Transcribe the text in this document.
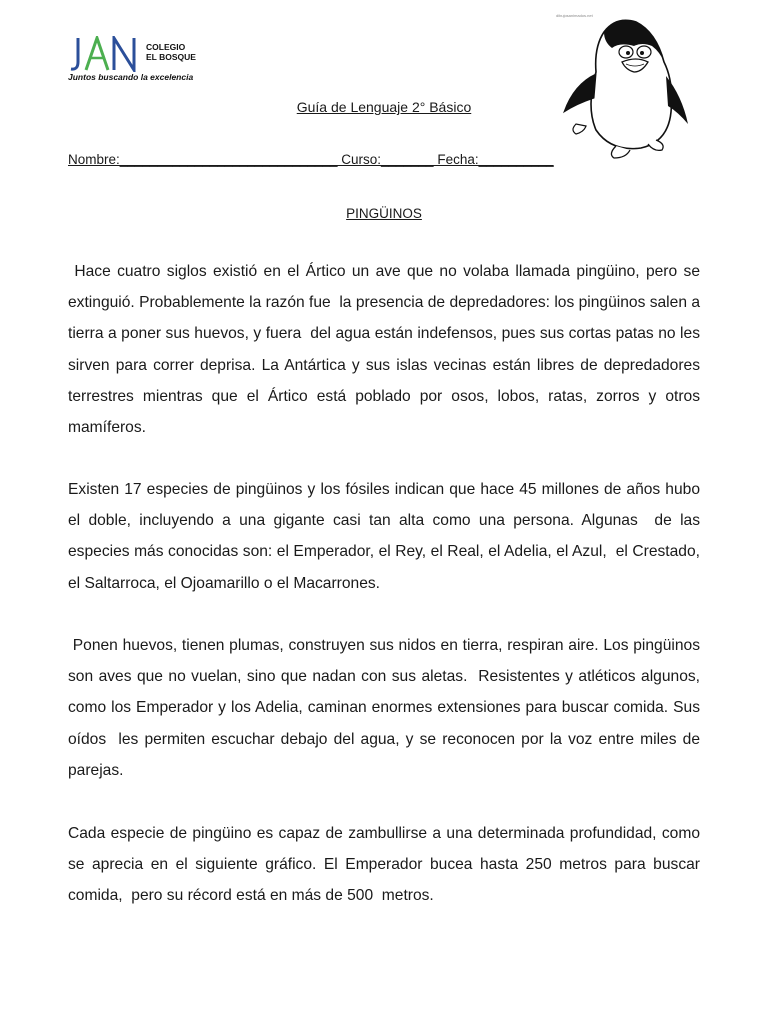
COLEGIO
EL BOSQUE
Juntos buscando la excelencia
dibujosanimados.net
Guía de Lenguaje 2° Básico
Nombre:_____________________________ Curso:_______ Fecha:__________
PINGÜINOS

Hace cuatro siglos existió en el Ártico un ave que no volaba llamada pingüino, pero se extinguió. Probablemente la razón fue  la presencia de depredadores: los pingüinos salen a tierra a poner sus huevos, y fuera  del agua están indefensos, pues sus cortas patas no les sirven para correr deprisa. La Antártica y sus islas vecinas están libres de depredadores terrestres mientras que el Ártico está poblado por osos, lobos, ratas, zorros y otros mamíferos.

Existen 17 especies de pingüinos y los fósiles indican que hace 45 millones de años hubo el doble, incluyendo a una gigante casi tan alta como una persona. Algunas  de las especies más conocidas son: el Emperador, el Rey, el Real, el Adelia, el Azul,  el Crestado, el Saltarroca, el Ojoamarillo o el Macarrones.

Ponen huevos, tienen plumas, construyen sus nidos en tierra, respiran aire. Los pingüinos son aves que no vuelan, sino que nadan con sus aletas.  Resistentes y atléticos algunos, como los Emperador y los Adelia, caminan enormes extensiones para buscar comida. Sus oídos  les permiten escuchar debajo del agua, y se reconocen por la voz entre miles de  parejas.

Cada especie de pingüino es capaz de zambullirse a una determinada profundidad, como se aprecia en el siguiente gráfico. El Emperador bucea hasta 250 metros para buscar comida,  pero su récord está en más de 500  metros.
